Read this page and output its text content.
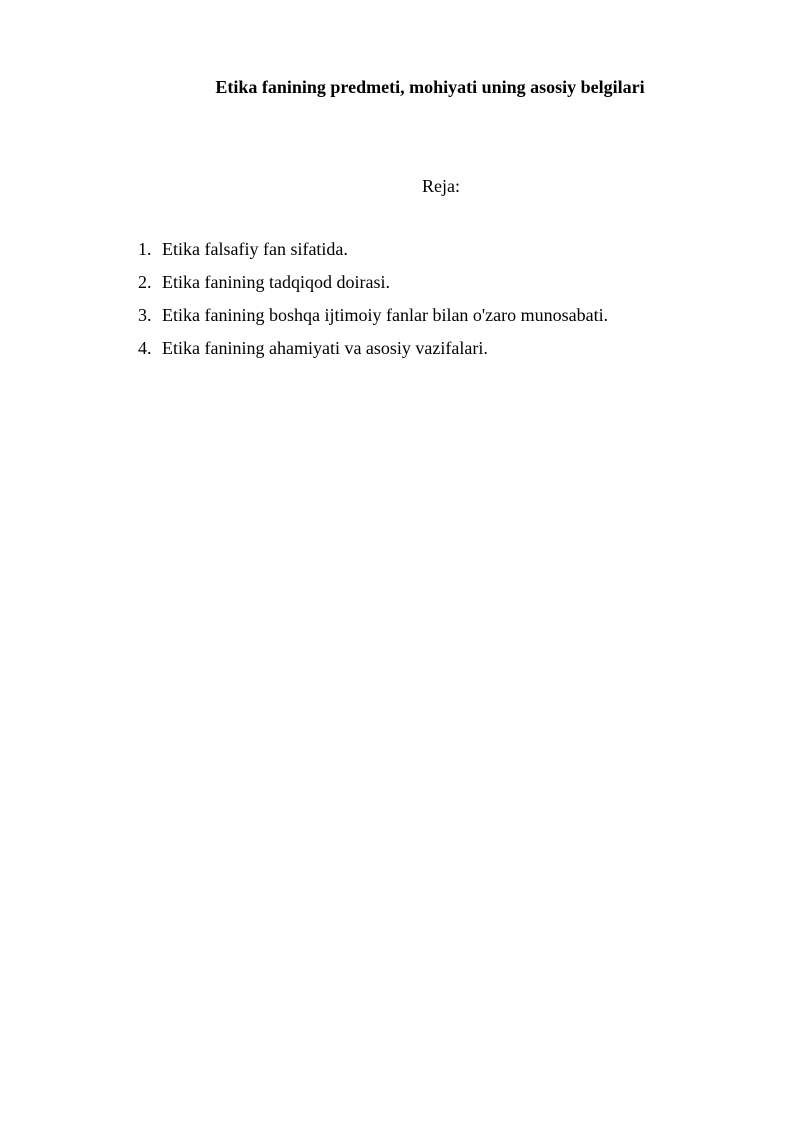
Etika fanining predmeti, mohiyati uning asosiy belgilari

Reja:

1. Etika falsafiy fan sifatida.
2. Etika fanining tadqiqod doirasi.
3. Etika fanining boshqa ijtimoiy fanlar bilan o'zaro munosabati.
4. Etika fanining ahamiyati va asosiy vazifalari.
